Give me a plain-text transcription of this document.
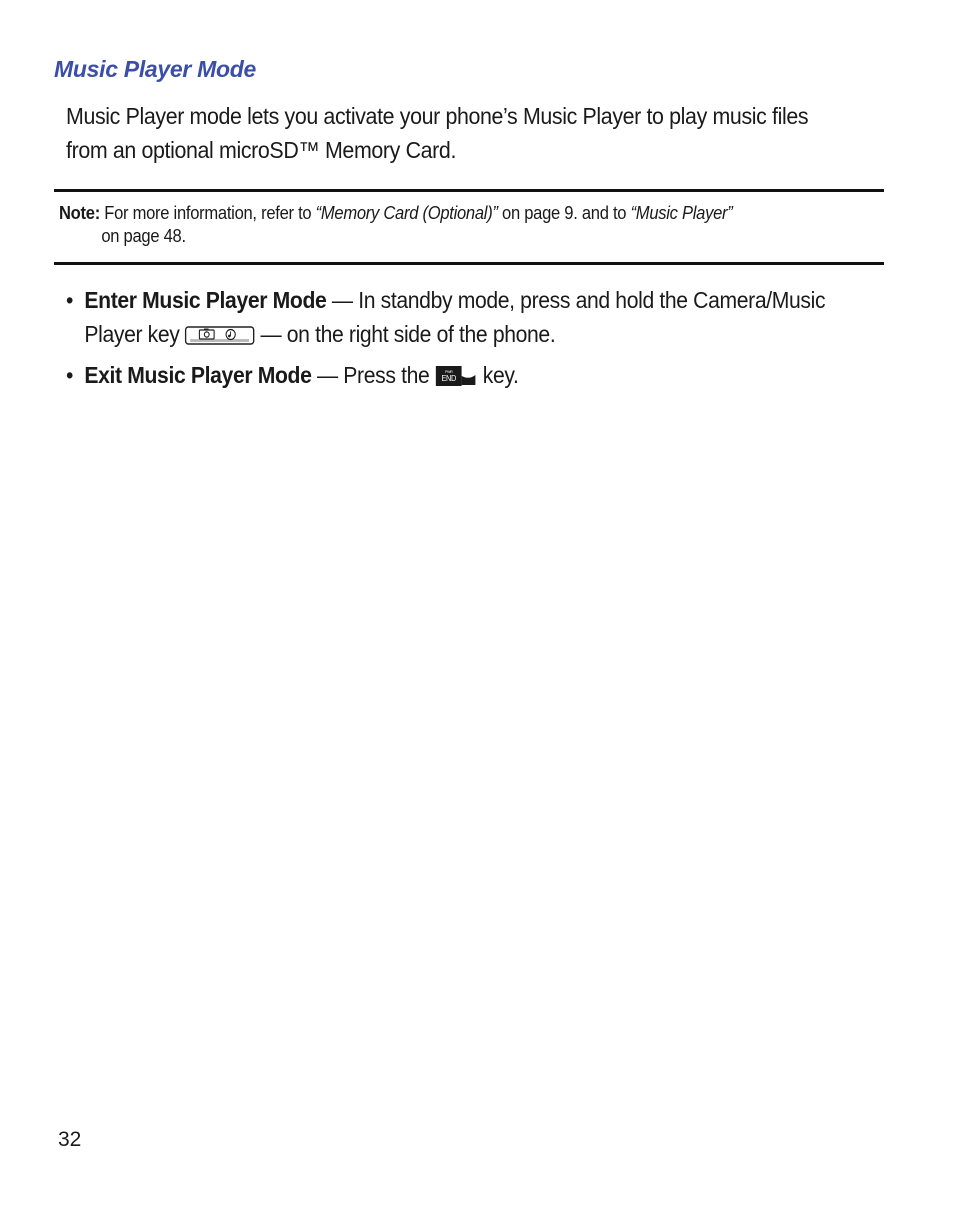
Music Player Mode
Music Player mode lets you activate your phone’s Music Player to play music files from an optional microSD™ Memory Card.
Note: For more information, refer to “Memory Card (Optional)” on page 9. and to “Music Player”
on page 48.
• Enter Music Player Mode — In standby mode, press and hold the Camera/Music Player key	— on the right side of the phone.
• Exit Music Player Mode — Press the	PWR
END key.
32
